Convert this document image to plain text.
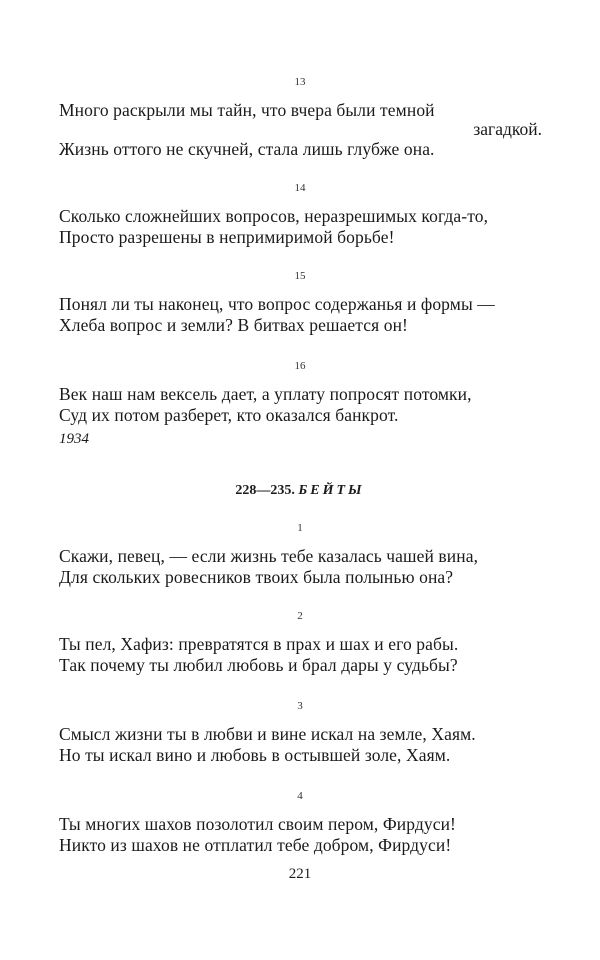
13
Много раскрыли мы тайн, что вчера были темной
загадкой.
Жизнь оттого не скучней, стала лишь глубже она.
14
Сколько сложнейших вопросов, неразрешимых когда-то,
Просто разрешены в непримиримой борьбе!
15
Понял ли ты наконец, что вопрос содержанья и формы —
Хлеба вопрос и земли? В битвах решается он!
16
Век наш нам вексель дает, а уплату попросят потомки,
Суд их потом разберет, кто оказался банкрот.
1934
228—235. БЕЙТЫ
1
Скажи, певец, — если жизнь тебе казалась чашей вина,
Для скольких ровесников твоих была полынью она?
2
Ты пел, Хафиз: превратятся в прах и шах и его рабы.
Так почему ты любил любовь и брал дары у судьбы?
3
Смысл жизни ты в любви и вине искал на земле, Хаям.
Но ты искал вино и любовь в остывшей золе, Хаям.
4
Ты многих шахов позолотил своим пером, Фирдуси!
Никто из шахов не отплатил тебе добром, Фирдуси!
221
